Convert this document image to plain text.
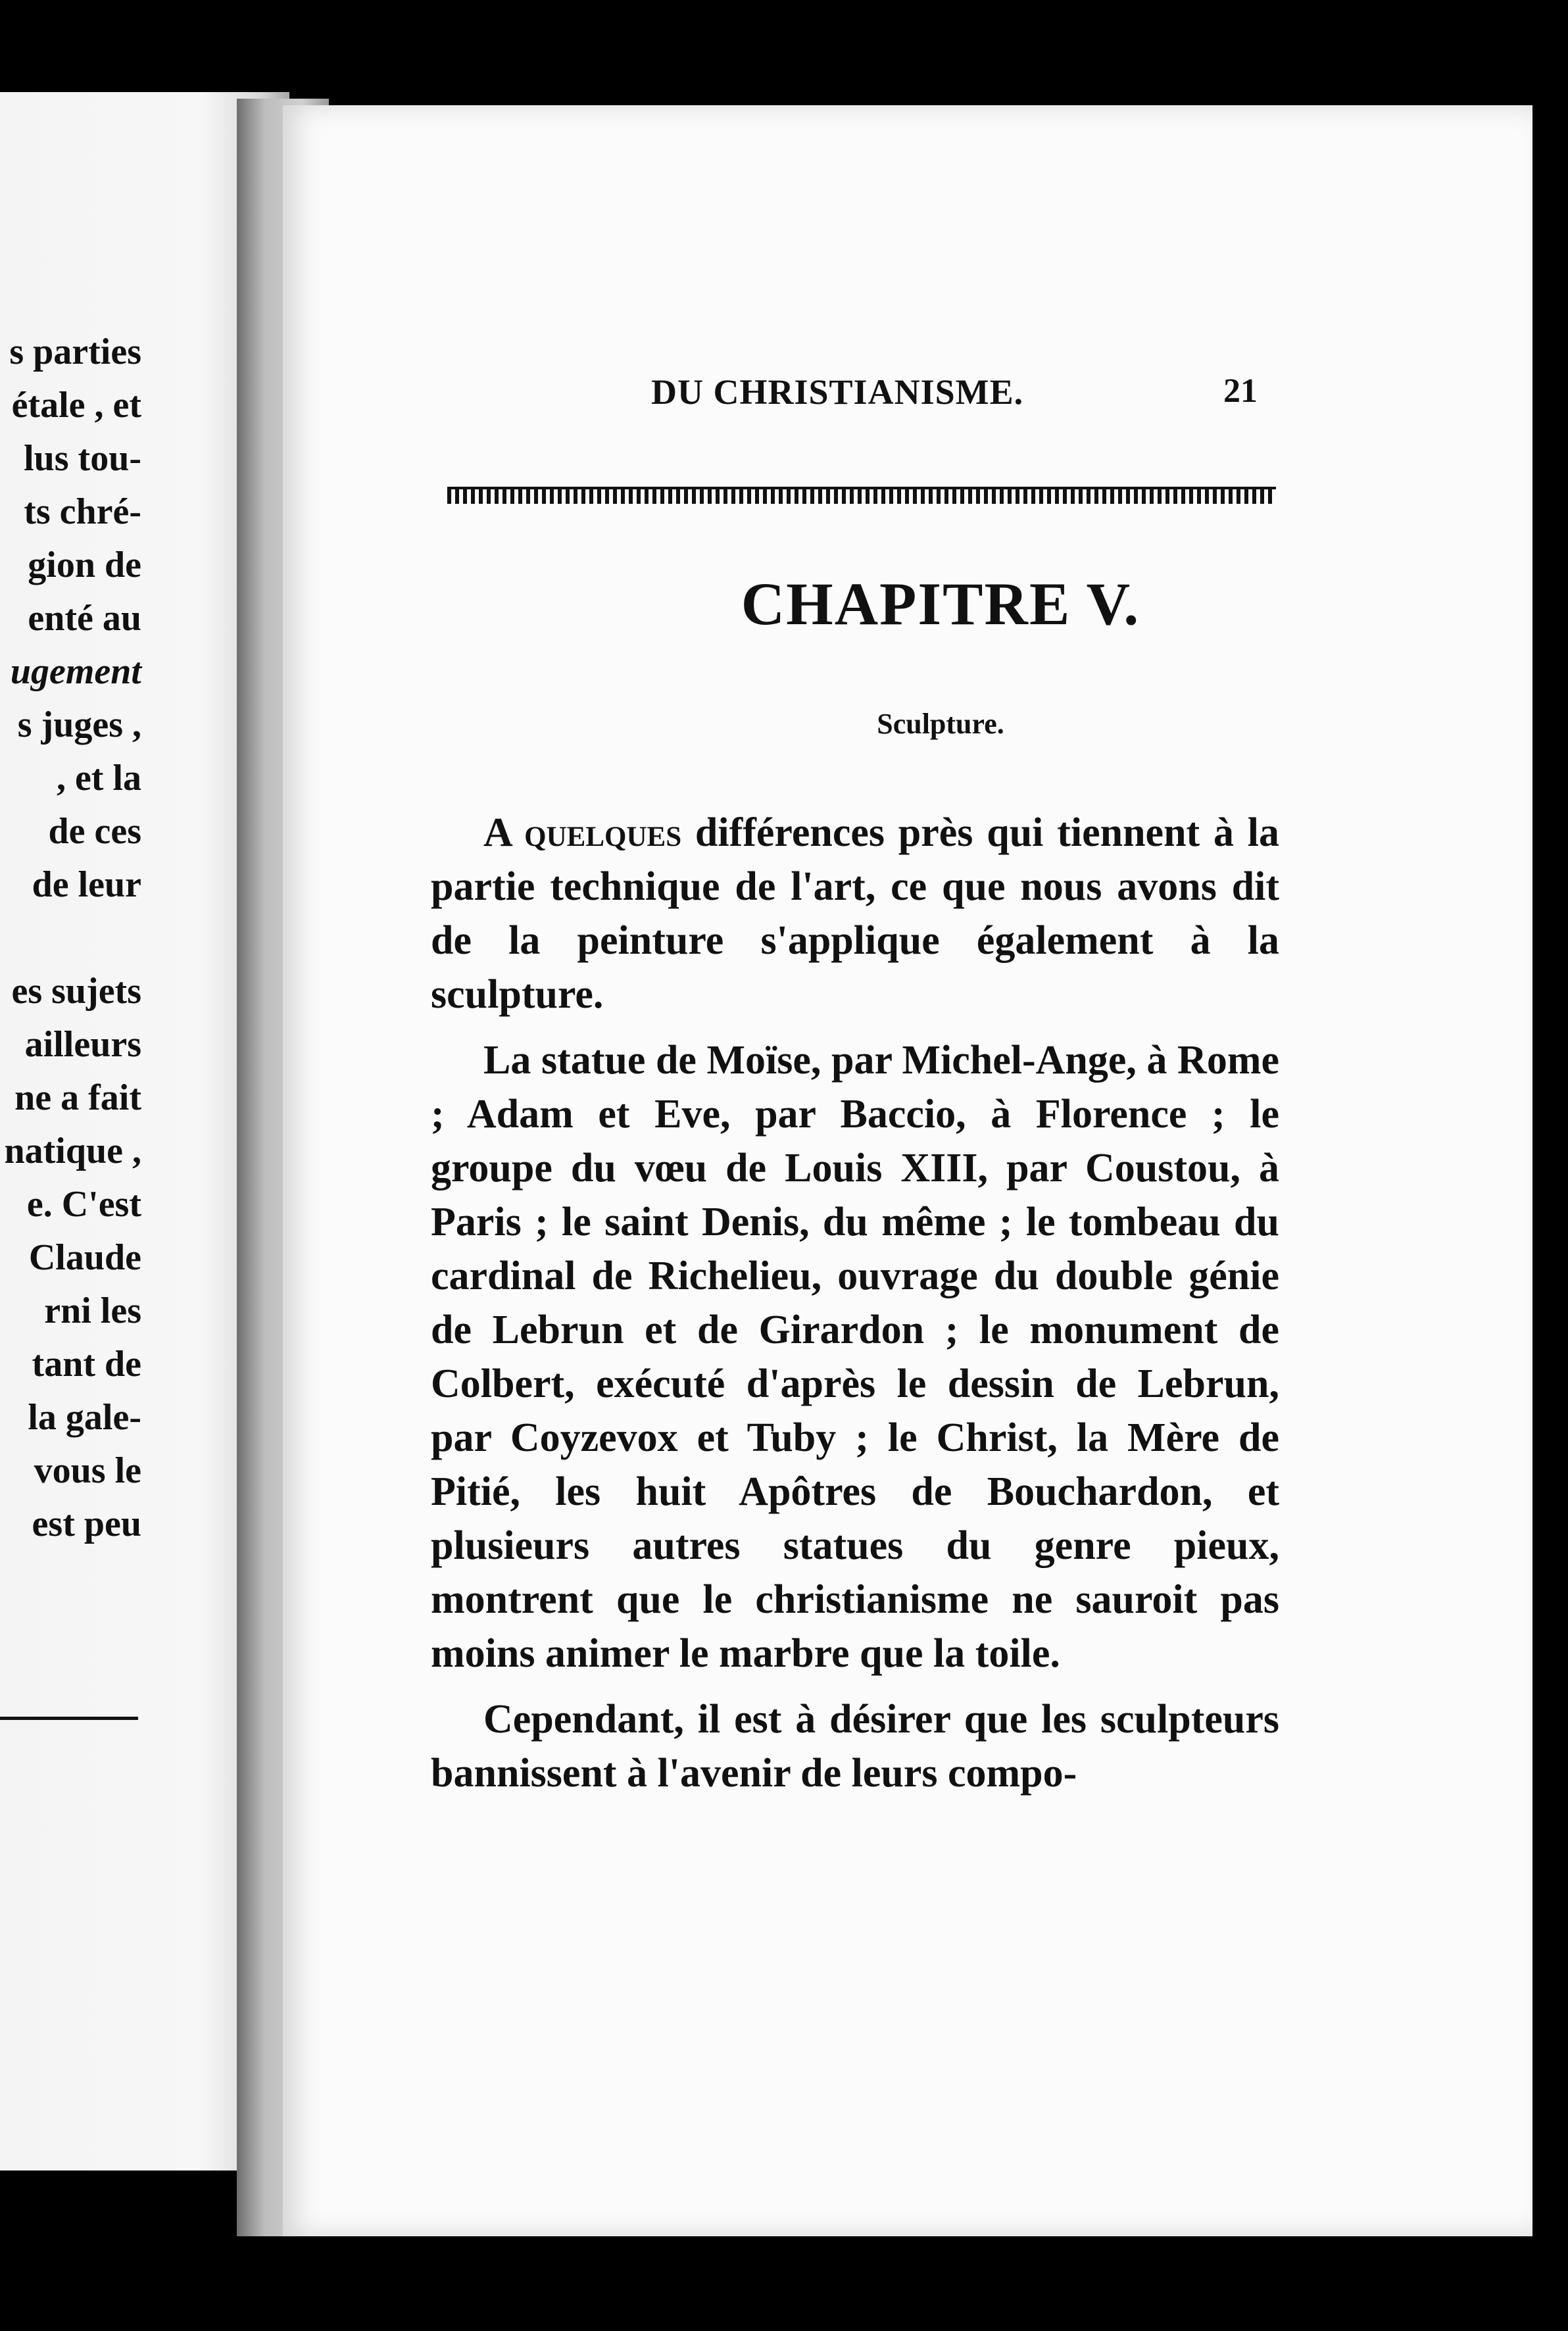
s parties
étale , et
lus tou-
ts chré-
gion de
enté au
ugement
s juges ,
, et la
de ces
de leur
es sujets
ailleurs
ne a fait
natique ,
e. C'est
Claude
rni les
tant de
la gale-
vous le
est peu
DU CHRISTIANISME.	21
CHAPITRE V.
Sculpture.

A quelques différences près qui tiennent à la partie technique de l'art, ce que nous avons dit de la peinture s'applique également à la sculpture.

La statue de Moïse, par Michel-Ange, à Rome ; Adam et Eve, par Baccio, à Florence ; le groupe du vœu de Louis XIII, par Coustou, à Paris ; le saint Denis, du même ; le tombeau du cardinal de Richelieu, ouvrage du double génie de Lebrun et de Girardon ; le monument de Colbert, exécuté d'après le dessin de Lebrun, par Coyzevox et Tuby ; le Christ, la Mère de Pitié, les huit Apôtres de Bouchardon, et plusieurs autres statues du genre pieux, montrent que le christianisme ne sauroit pas moins animer le marbre que la toile.

Cependant, il est à désirer que les sculpteurs bannissent à l'avenir de leurs compo-
